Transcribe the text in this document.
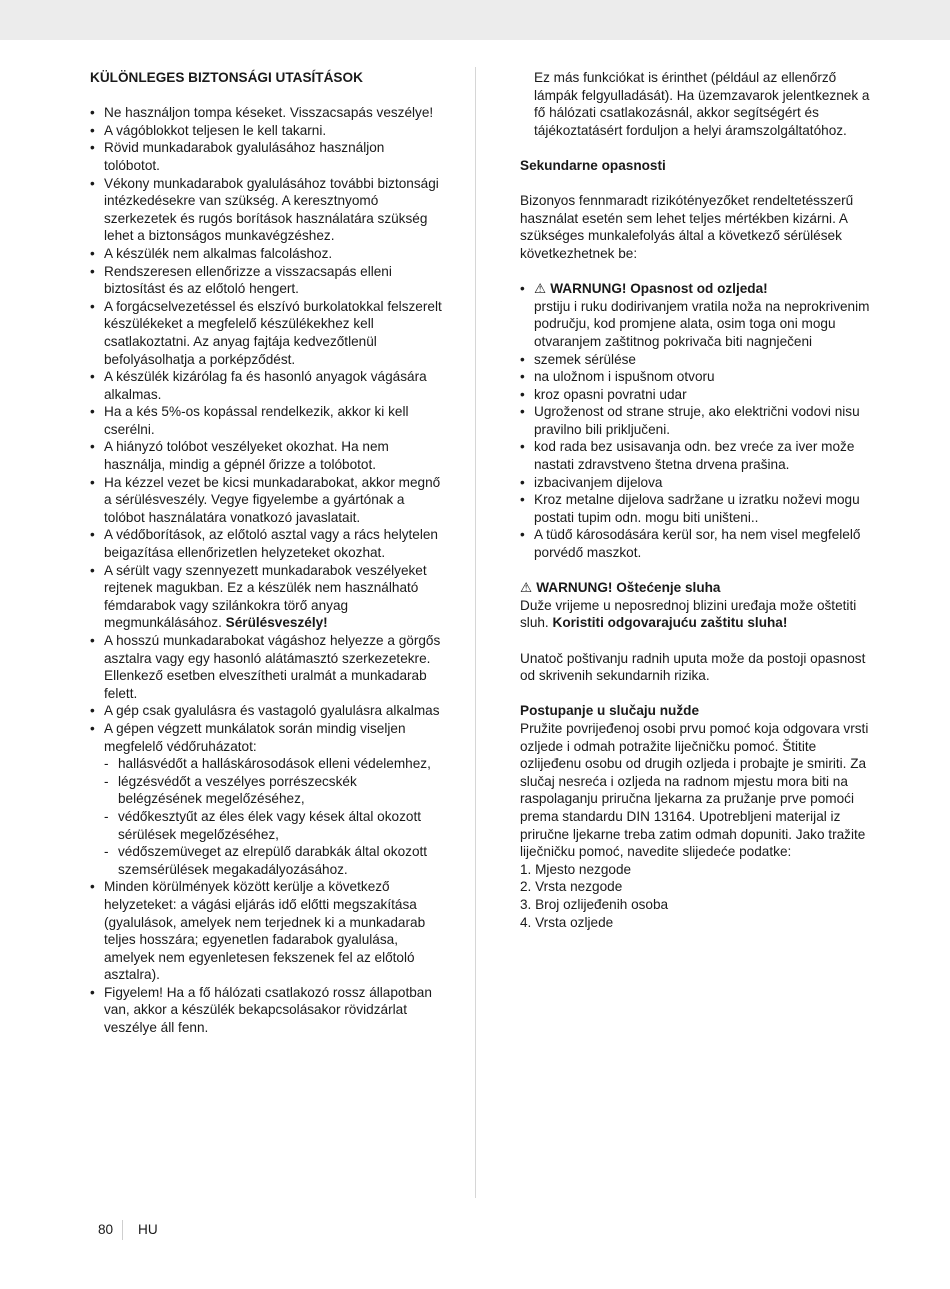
KÜLÖNLEGES BIZTONSÁGI UTASÍTÁSOK
• Ne használjon tompa késeket. Visszacsapás veszélye!
• A vágóblokkot teljesen le kell takarni.
• Rövid munkadarabok gyalulásához használjon tolóbotot.
• Vékony munkadarabok gyalulásához további biztonsági intézkedésekre van szükség. A keresztnyomó szerkezetek és rugós borítások használatára szükség lehet a biztonságos munkavégzéshez.
• A készülék nem alkalmas falcoláshoz.
• Rendszeresen ellenőrizze a visszacsapás elleni biztosítást és az előtoló hengert.
• A forgácselvezetéssel és elszívó burkolatokkal felszerelt készülékeket a megfelelő készülékekhez kell csatlakoztatni. Az anyag fajtája kedvezőtlenül befolyásolhatja a porképződést.
• A készülék kizárólag fa és hasonló anyagok vágására alkalmas.
• Ha a kés 5%-os kopással rendelkezik, akkor ki kell cserélni.
• A hiányzó tolóbot veszélyeket okozhat. Ha nem használja, mindig a gépnél őrizze a tolóbotot.
• Ha kézzel vezet be kicsi munkadarabokat, akkor megnő a sérülésveszély. Vegye figyelembe a gyártónak a tolóbot használatára vonatkozó javaslatait.
• A védőborítások, az előtoló asztal vagy a rács helytelen beigazítása ellenőrizetlen helyzeteket okozhat.
• A sérült vagy szennyezett munkadarabok veszélyeket rejtenek magukban. Ez a készülék nem használható fémdarabok vagy szilánkokra törő anyag megmunkálásához. Sérülésveszély!
• A hosszú munkadarabokat vágáshoz helyezze a görgős asztalra vagy egy hasonló alátámasztó szerkezetekre. Ellenkező esetben elveszítheti uralmát a munkadarab felett.
• A gép csak gyalulásra és vastagoló gyalulásra alkalmas
• A gépen végzett munkálatok során mindig viseljen megfelelő védőruházatot:
- hallásvédőt a halláskárosodások elleni védelemhez,
- légzésvédőt a veszélyes porrészecskék belégzésének megelőzéséhez,
- védőkesztyűt az éles élek vagy kések által okozott sérülések megelőzéséhez,
- védőszemüveget az elrepülő darabkák által okozott szemsérülések megakadályozásához.
• Minden körülmények között kerülje a következő helyzeteket: a vágási eljárás idő előtti megszakítása (gyalulások, amelyek nem terjednek ki a munkadarab teljes hosszára; egyenetlen fadarabok gyalulása, amelyek nem egyenletesen fekszenek fel az előtoló asztalra).
• Figyelem! Ha a fő hálózati csatlakozó rossz állapotban van, akkor a készülék bekapcsolásakor rövidzárlat veszélye áll fenn.
Ez más funkciókat is érinthet (például az ellenőrző lámpák felgyulladását). Ha üzemzavarok jelentkeznek a fő hálózati csatlakozásnál, akkor segítségért és tájékoztatásért forduljon a helyi áramszolgáltatóhoz.
Sekundarne opasnosti
Bizonyos fennmaradt rizikótényezőket rendeltetésszerű használat esetén sem lehet teljes mértékben kizárni. A szükséges munkalefolyás által a következő sérülések következhetnek be:
• ⚠ WARNUNG! Opasnost od ozljeda!
prstiju i ruku dodirivanjem vratila noža na neprokrivenim području, kod promjene alata, osim toga oni mogu otvaranjem zaštitnog pokrivača biti nagnječeni
• szemek sérülése
• na uložnom i ispušnom otvoru
• kroz opasni povratni udar
• Ugroženost od strane struje, ako električni vodovi nisu pravilno bili priključeni.
• kod rada bez usisavanja odn. bez vreće za iver može nastati zdravstveno štetna drvena prašina.
• izbacivanjem dijelova
• Kroz metalne dijelova sadržane u izratku noževi mogu postati tupim odn. mogu biti uništeni..
• A tüdő károsodására kerül sor, ha nem visel megfelelő porvédő maszkot.
⚠ WARNUNG! Oštećenje sluha
Duže vrijeme u neposrednoj blizini uređaja može oštetiti sluh. Koristiti odgovarajuću zaštitu sluha!
Unatoč poštivanju radnih uputa može da postoji opasnost od skrivenih sekundarnih rizika.
Postupanje u slučaju nužde
Pružite povrijeđenoj osobi prvu pomoć koja odgovara vrsti ozljede i odmah potražite liječničku pomoć. Štitite ozlijeđenu osobu od drugih ozljeda i probajte je smiriti. Za slučaj nesreća i ozljeda na radnom mjestu mora biti na raspolaganju priručna ljekarna za pružanje prve pomoći prema standardu DIN 13164. Upotrebljeni materijal iz priručne ljekarne treba zatim odmah dopuniti. Jako tražite liječničku pomoć, navedite slijedeće podatke:
1. Mjesto nezgode
2. Vrsta nezgode
3. Broj ozlijeđenih osoba
4. Vrsta ozljede
80	HU
